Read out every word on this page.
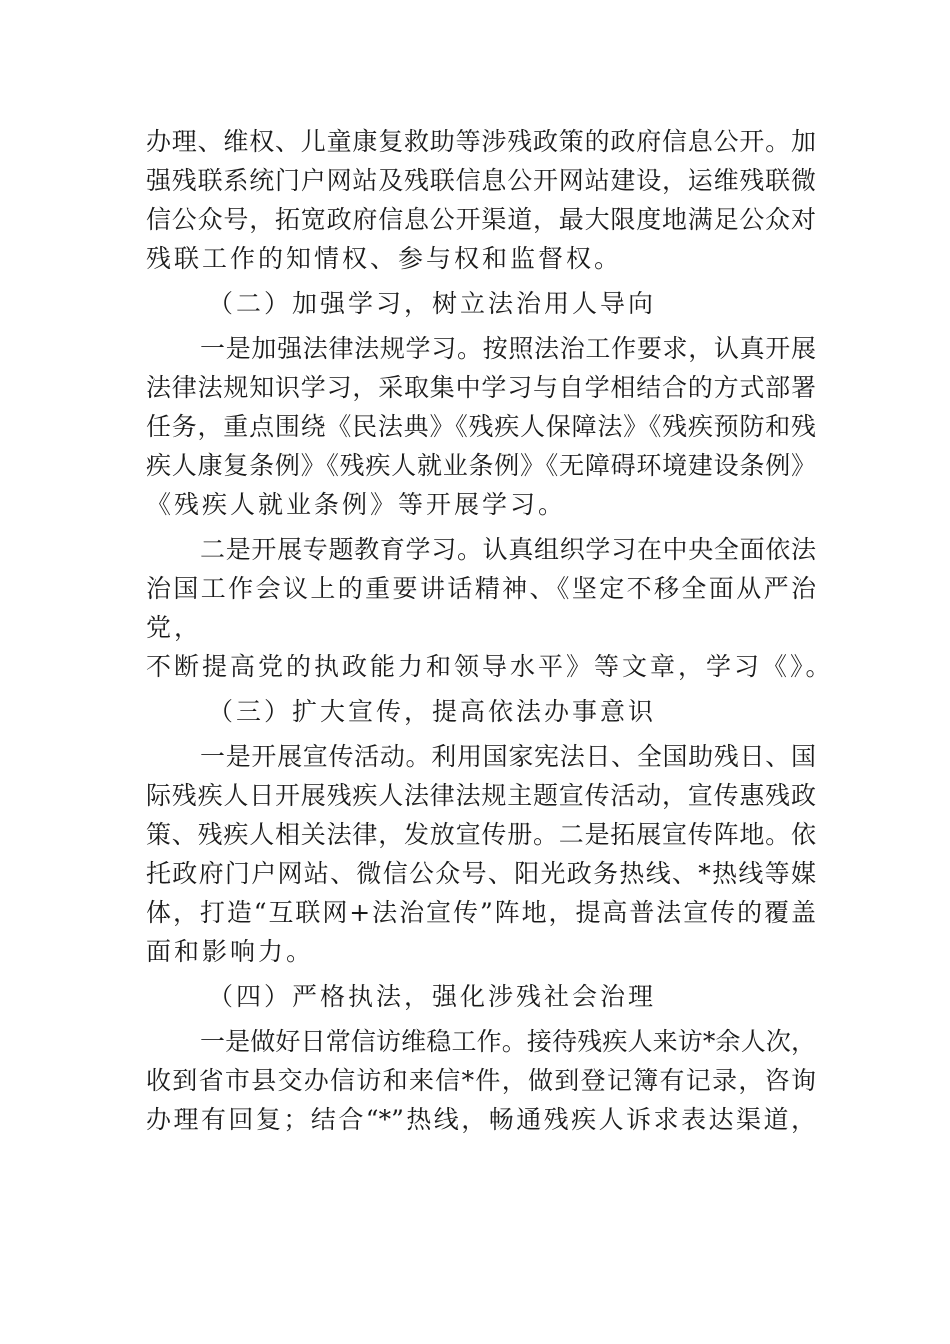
办理、维权、儿童康复救助等涉残政策的政府信息公开。加
强残联系统门户网站及残联信息公开网站建设，运维残联微
信公众号，拓宽政府信息公开渠道，最大限度地满足公众对
残联工作的知情权、参与权和监督权。
（二）加强学习，树立法治用人导向
一是加强法律法规学习。按照法治工作要求，认真开展
法律法规知识学习，采取集中学习与自学相结合的方式部署
任务，重点围绕《民法典》《残疾人保障法》《残疾预防和残
疾人康复条例》《残疾人就业条例》《无障碍环境建设条例》
《残疾人就业条例》等开展学习。
二是开展专题教育学习。认真组织学习在中央全面依法
治国工作会议上的重要讲话精神、《坚定不移全面从严治
党，
不断提高党的执政能力和领导水平》等文章，学习《》。
（三）扩大宣传，提高依法办事意识
一是开展宣传活动。利用国家宪法日、全国助残日、国
际残疾人日开展残疾人法律法规主题宣传活动，宣传惠残政
策、残疾人相关法律，发放宣传册。二是拓展宣传阵地。依
托政府门户网站、微信公众号、阳光政务热线、*热线等媒
体，打造“互联网+法治宣传”阵地，提高普法宣传的覆盖
面和影响力。
（四）严格执法，强化涉残社会治理
一是做好日常信访维稳工作。接待残疾人来访*余人次，
收到省市县交办信访和来信*件，做到登记簿有记录，咨询
办理有回复；结合“*”热线，畅通残疾人诉求表达渠道，
